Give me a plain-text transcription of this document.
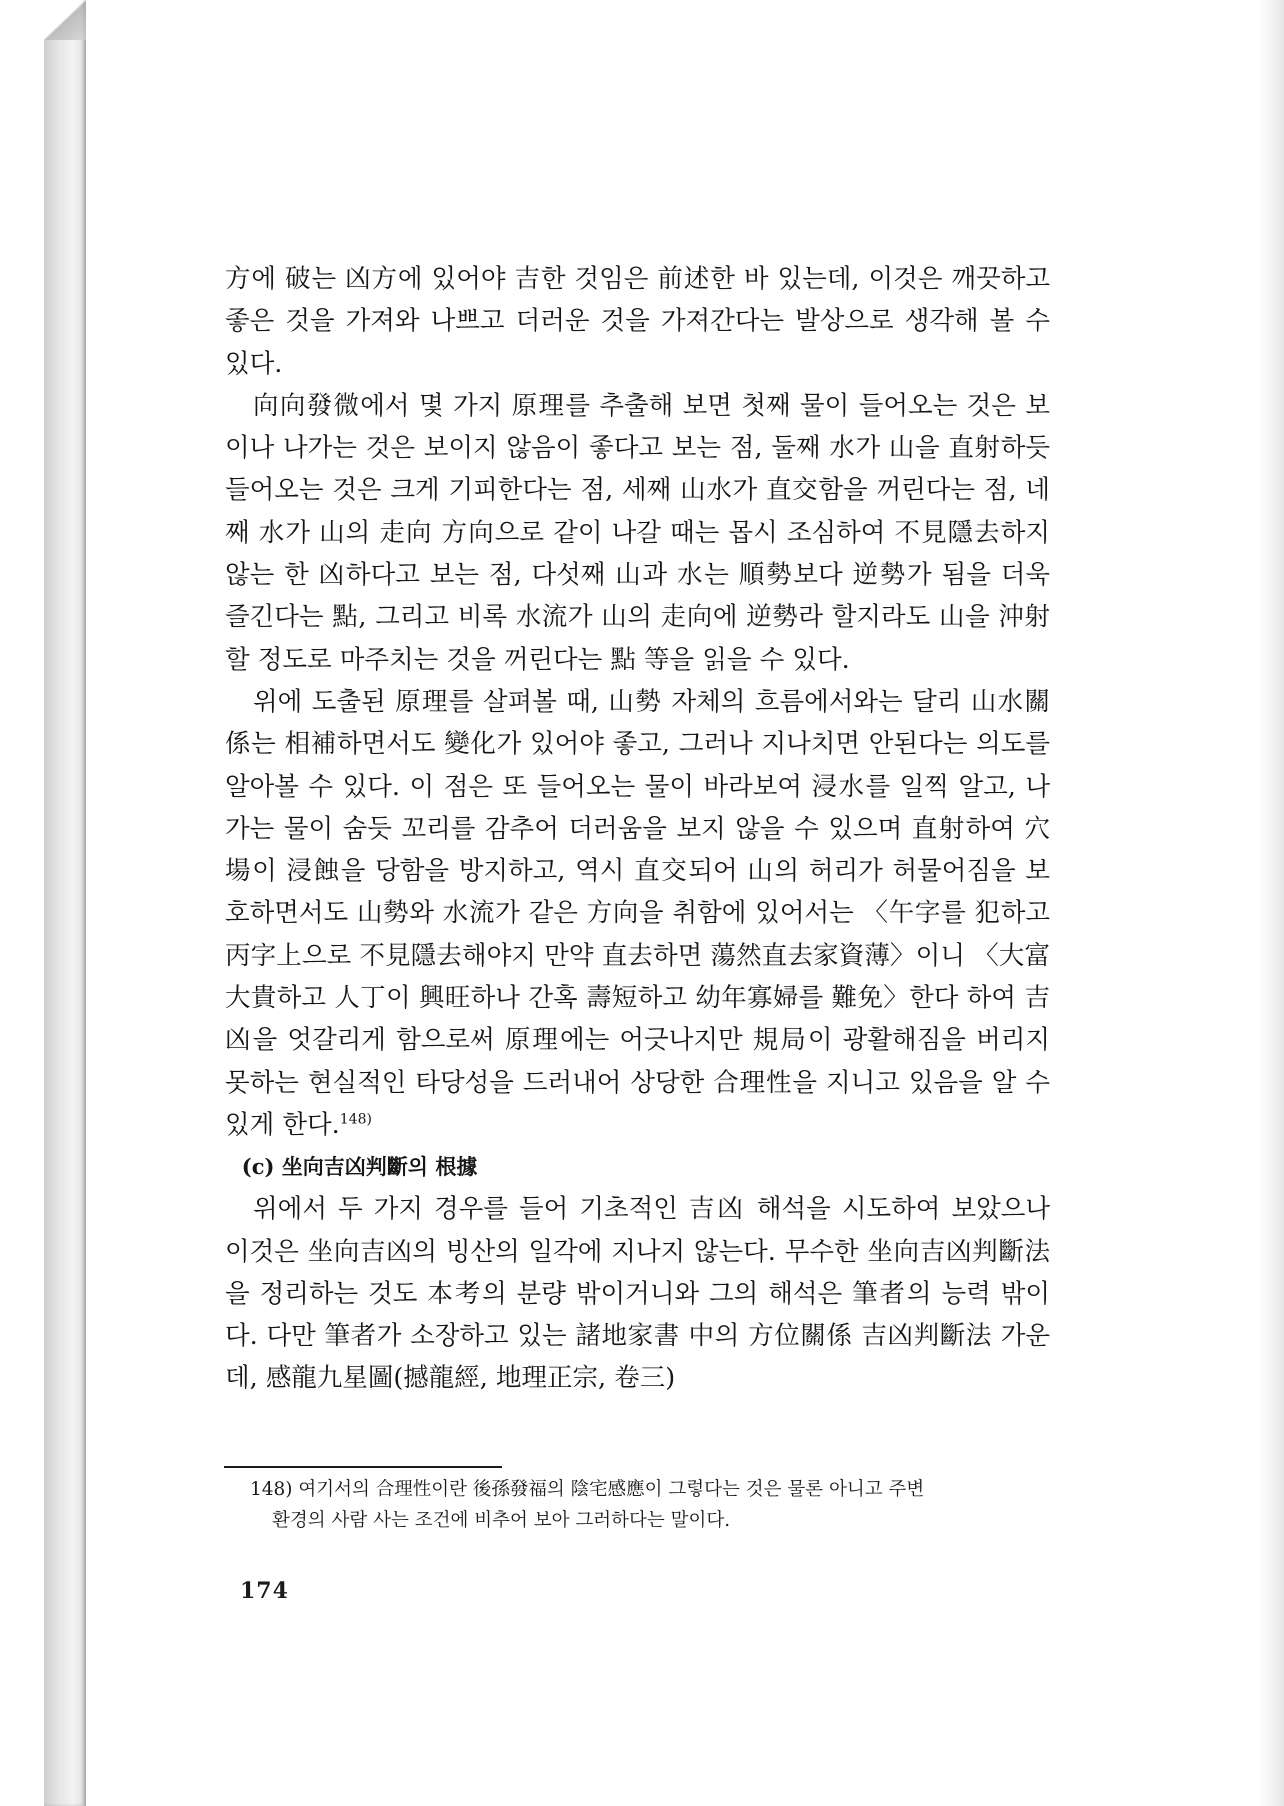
方에 破는 凶方에 있어야 吉한 것임은 前述한 바 있는데, 이것은 깨끗하고 좋은 것을 가져와 나쁘고 더러운 것을 가져간다는 발상으로 생각해 볼 수 있다.

向向發微에서 몇 가지 原理를 추출해 보면 첫째 물이 들어오는 것은 보이나 나가는 것은 보이지 않음이 좋다고 보는 점, 둘째 水가 山을 直射하듯 들어오는 것은 크게 기피한다는 점, 세째 山水가 直交함을 꺼린다는 점, 네째 水가 山의 走向 方向으로 같이 나갈 때는 몹시 조심하여 不見隱去하지 않는 한 凶하다고 보는 점, 다섯째 山과 水는 順勢보다 逆勢가 됨을 더욱 즐긴다는 點, 그리고 비록 水流가 山의 走向에 逆勢라 할지라도 山을 沖射할 정도로 마주치는 것을 꺼린다는 點 等을 읽을 수 있다.

위에 도출된 原理를 살펴볼 때, 山勢 자체의 흐름에서와는 달리 山水關係는 相補하면서도 變化가 있어야 좋고, 그러나 지나치면 안된다는 의도를 알아볼 수 있다. 이 점은 또 들어오는 물이 바라보여 浸水를 일찍 알고, 나가는 물이 숨듯 꼬리를 감추어 더러움을 보지 않을 수 있으며 直射하여 穴場이 浸蝕을 당함을 방지하고, 역시 直交되어 山의 허리가 허물어짐을 보호하면서도 山勢와 水流가 같은 方向을 취함에 있어서는 〈午字를 犯하고 丙字上으로 不見隱去해야지 만약 直去하면 蕩然直去家資薄〉이니 〈大富大貴하고 人丁이 興旺하나 간혹 壽短하고 幼年寡婦를 難免〉한다 하여 吉凶을 엇갈리게 함으로써 原理에는 어긋나지만 規局이 광활해짐을 버리지 못하는 현실적인 타당성을 드러내어 상당한 合理性을 지니고 있음을 알 수 있게 한다.$^{148)}$

(c) 坐向吉凶判斷의 根據

위에서 두 가지 경우를 들어 기초적인 吉凶 해석을 시도하여 보았으나 이것은 坐向吉凶의 빙산의 일각에 지나지 않는다. 무수한 坐向吉凶判斷法을 정리하는 것도 本考의 분량 밖이거니와 그의 해석은 筆者의 능력 밖이다. 다만 筆者가 소장하고 있는 諸地家書 中의 方位關係 吉凶判斷法 가운데, 感龍九星圖(撼龍經, 地理正宗, 卷三)

148) 여기서의 合理性이란 後孫發福의 陰宅感應이 그렇다는 것은 물론 아니고 주변
환경의 사람 사는 조건에 비추어 보아 그러하다는 말이다.
174
